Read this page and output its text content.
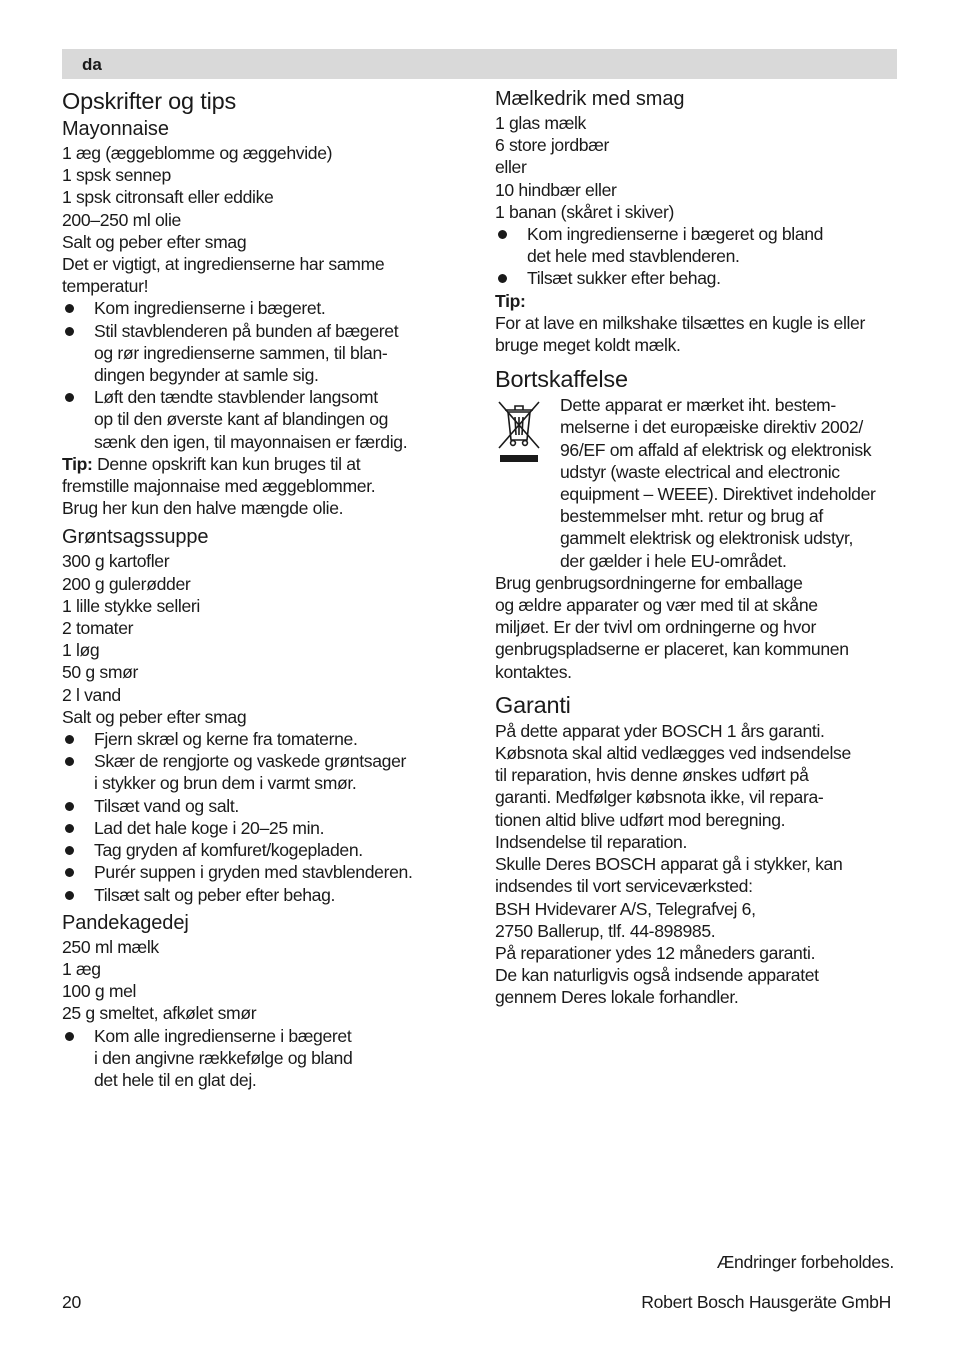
da
Opskrifter og tips
Mayonnaise
1 æg (æggeblomme og æggehvide)
1 spsk sennep
1 spsk citronsaft eller eddike
200–250 ml olie
Salt og peber efter smag
Det er vigtigt, at ingredienserne har samme
temperatur!
Kom ingredienserne i bægeret.
Stil stavblenderen på bunden af bægeret
og rør ingredienserne sammen, til blan-
dingen begynder at samle sig.
Løft den tændte stavblender langsomt
op til den øverste kant af blandingen og
sænk den igen, til mayonnaisen er færdig.
Tip: Denne opskrift kan kun bruges til at
fremstille majonnaise med æggeblommer.
Brug her kun den halve mængde olie.
Grøntsagssuppe
300 g kartofler
200 g gulerødder
1 lille stykke selleri
2 tomater
1 løg
50 g smør
2 l vand
Salt og peber efter smag
Fjern skræl og kerne fra tomaterne.
Skær de rengjorte og vaskede grøntsager
i stykker og brun dem i varmt smør.
Tilsæt vand og salt.
Lad det hale koge i 20–25 min.
Tag gryden af komfuret/kogepladen.
Purér suppen i gryden med stavblenderen.
Tilsæt salt og peber efter behag.
Pandekagedej
250 ml mælk
1 æg
100 g mel
25 g smeltet, afkølet smør
Kom alle ingredienserne i bægeret
i den angivne rækkefølge og bland
det hele til en glat dej.
Mælkedrik med smag
1 glas mælk
6 store jordbær
eller
10 hindbær eller
1 banan (skåret i skiver)
Kom ingredienserne i bægeret og bland
det hele med stavblenderen.
Tilsæt sukker efter behag.
Tip:
For at lave en milkshake tilsættes en kugle is eller
bruge meget koldt mælk.
Bortskaffelse
Dette apparat er mærket iht. bestem-
melserne i det europæiske direktiv 2002/
96/EF om affald af elektrisk og elektronisk
udstyr (waste electrical and electronic
equipment – WEEE). Direktivet indeholder
bestemmelser mht. retur og brug af
gammelt elektrisk og elektronisk udstyr,
der gælder i hele EU-området.
Brug genbrugsordningerne for emballage
og ældre apparater og vær med til at skåne
miljøet. Er der tvivl om ordningerne og hvor
genbrugspladserne er placeret, kan kommunen
kontaktes.
Garanti
På dette apparat yder BOSCH 1 års garanti.
Købsnota skal altid vedlægges ved indsendelse
til reparation, hvis denne ønskes udført på
garanti. Medfølger købsnota ikke, vil repara-
tionen altid blive udført mod beregning.
Indsendelse til reparation.
Skulle Deres BOSCH apparat gå i stykker, kan
indsendes til vort serviceværksted:
BSH Hvidevarer A/S, Telegrafvej 6,
2750 Ballerup, tlf. 44-898985.
På reparationer ydes 12 måneders garanti.
De kan naturligvis også indsende apparatet
gennem Deres lokale forhandler.
Ændringer forbeholdes.
20	Robert Bosch Hausgeräte GmbH
